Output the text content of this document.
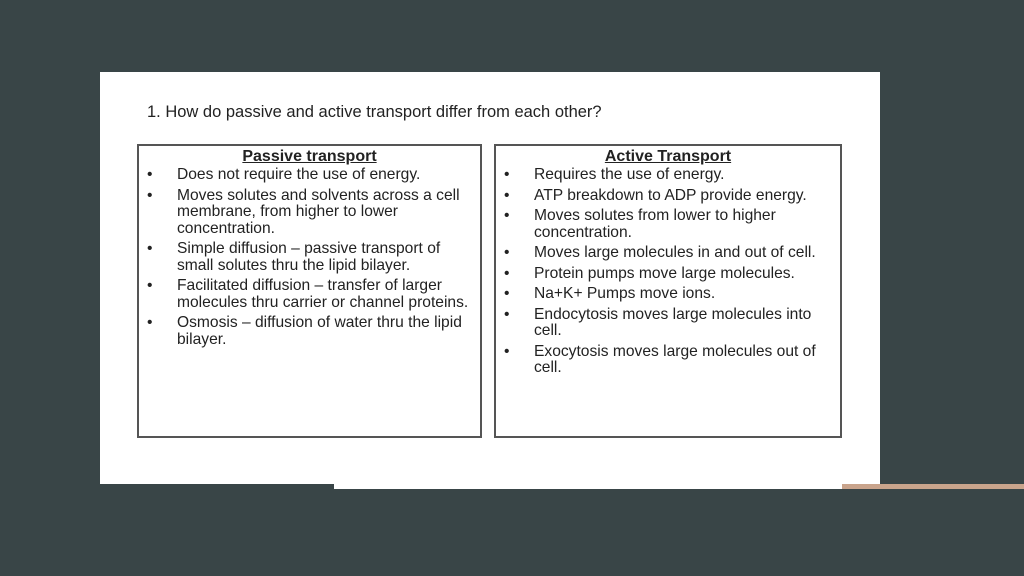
1. How do passive and active transport differ from each other?
Passive transport
• Does not require the use of energy.
• Moves solutes and solvents across a cell membrane, from higher to lower concentration.
• Simple diffusion – passive transport of small solutes thru the lipid bilayer.
• Facilitated diffusion – transfer of larger molecules thru carrier or channel proteins.
• Osmosis – diffusion of water thru the lipid bilayer.
Active Transport
• Requires the use of energy.
• ATP breakdown to ADP provide energy.
• Moves solutes from lower to higher concentration.
• Moves large molecules in and out of cell.
• Protein pumps move large molecules.
• Na+K+ Pumps move ions.
• Endocytosis moves large molecules into cell.
• Exocytosis moves large molecules out of cell.
